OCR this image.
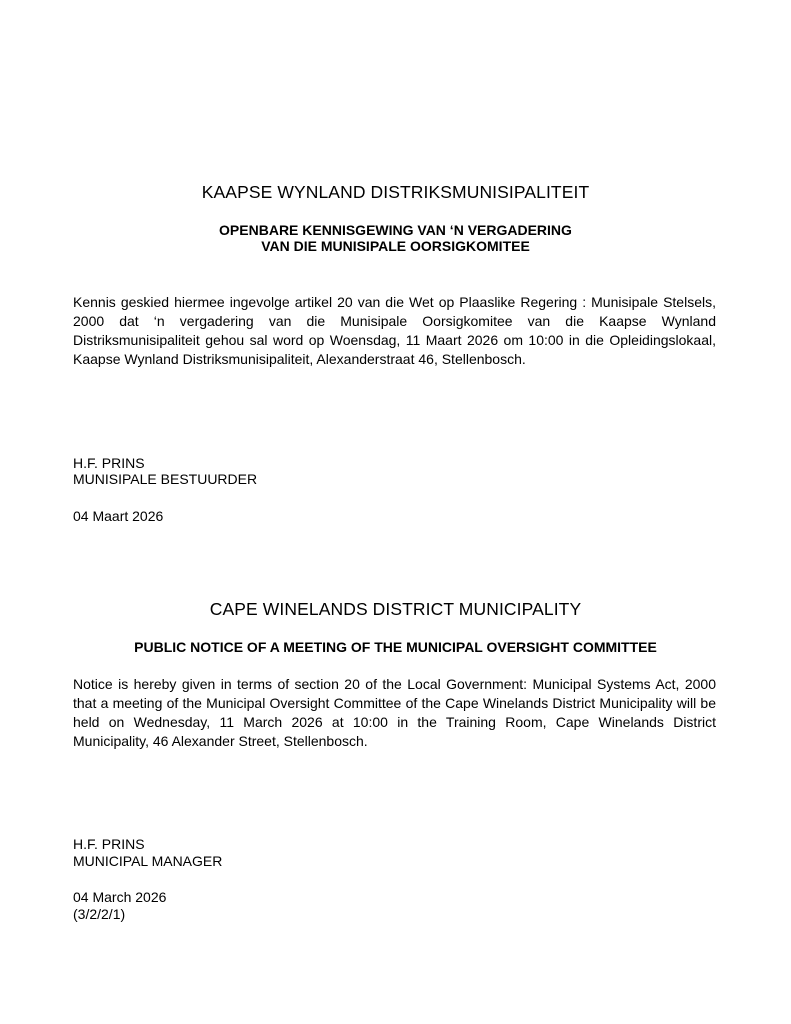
KAAPSE WYNLAND DISTRIKSMUNISIPALITEIT
OPENBARE KENNISGEWING VAN ‘N VERGADERING
VAN DIE MUNISIPALE OORSIGKOMITEE

Kennis geskied hiermee ingevolge artikel 20 van die Wet op Plaaslike Regering : Munisipale Stelsels, 2000 dat ‘n vergadering van die Munisipale Oorsigkomitee van die Kaapse Wynland Distriksmunisipaliteit gehou sal word op Woensdag, 11 Maart 2026 om 10:00 in die Opleidingslokaal, Kaapse Wynland Distriksmunisipaliteit, Alexanderstraat 46, Stellenbosch.

H.F. PRINS
MUNISIPALE BESTUURDER
04 Maart 2026
CAPE WINELANDS DISTRICT MUNICIPALITY
PUBLIC NOTICE OF A MEETING OF THE MUNICIPAL OVERSIGHT COMMITTEE

Notice is hereby given in terms of section 20 of the Local Government: Municipal Systems Act, 2000 that a meeting of the Municipal Oversight Committee of the Cape Winelands District Municipality will be held on Wednesday, 11 March 2026 at 10:00 in the Training Room, Cape Winelands District Municipality, 46 Alexander Street, Stellenbosch.

H.F. PRINS
MUNICIPAL MANAGER
04 March 2026
(3/2/2/1)
